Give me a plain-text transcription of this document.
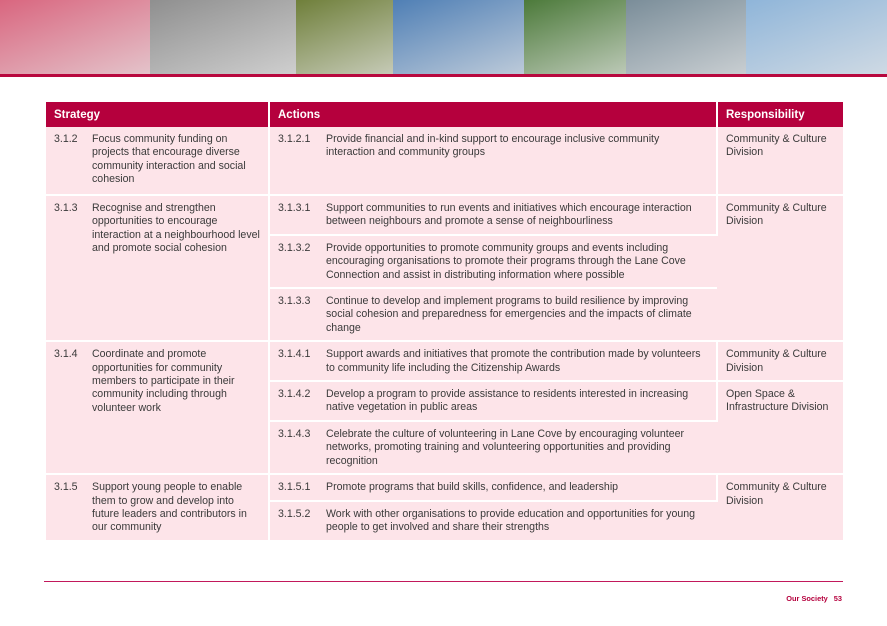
Strategy	Actions	Responsibility

3.1.2 Focus community funding on projects that encourage diverse community interaction and social cohesion	3.1.2.1 Provide financial and in-kind support to encourage inclusive community interaction and community groups	Community & Culture Division

3.1.3 Recognise and strengthen opportunities to encourage interaction at a neighbourhood level and promote social cohesion	3.1.3.1 Support communities to run events and initiatives which encourage interaction between neighbours and promote a sense of neighbourliness	Community & Culture Division

	3.1.3.2 Provide opportunities to promote community groups and events including encouraging organisations to promote their programs through the Lane Cove Connection and assist in distributing information where possible	

	3.1.3.3 Continue to develop and implement programs to build resilience by improving social cohesion and preparedness for emergencies and the impacts of climate change	

3.1.4 Coordinate and promote opportunities for community members to participate in their community including through volunteer work	3.1.4.1 Support awards and initiatives that promote the contribution made by volunteers to community life including the Citizenship Awards	Community & Culture Division

	3.1.4.2 Develop a program to provide assistance to residents interested in increasing native vegetation in public areas	Open Space & Infrastructure Division

	3.1.4.3 Celebrate the culture of volunteering in Lane Cove by encouraging volunteer networks, promoting training and volunteering opportunities and providing recognition	

3.1.5 Support young people to enable them to grow and develop into future leaders and contributors in our community	3.1.5.1 Promote programs that build skills, confidence, and leadership	Community & Culture Division

	3.1.5.2 Work with other organisations to provide education and opportunities for young people to get involved and share their strengths	
Our Society 53
